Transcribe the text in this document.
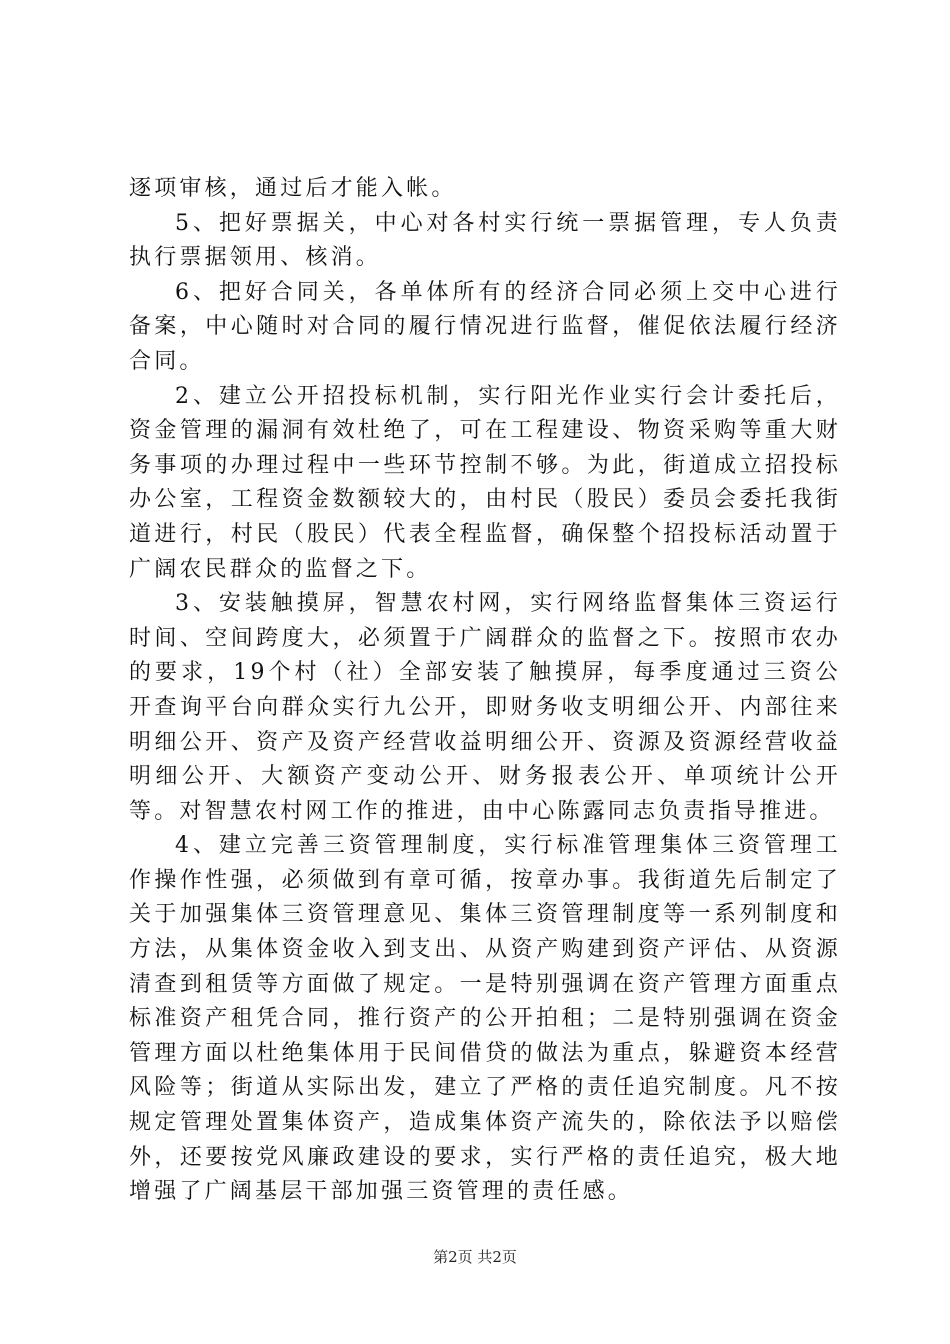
逐项审核，通过后才能入帐。

5、把好票据关，中心对各村实行统一票据管理，专人负责执行票据领用、核消。

6、把好合同关，各单体所有的经济合同必须上交中心进行备案，中心随时对合同的履行情况进行监督，催促依法履行经济合同。

2、建立公开招投标机制，实行阳光作业实行会计委托后，资金管理的漏洞有效杜绝了，可在工程建设、物资采购等重大财务事项的办理过程中一些环节控制不够。为此，街道成立招投标办公室，工程资金数额较大的，由村民（股民）委员会委托我街道进行，村民（股民）代表全程监督，确保整个招投标活动置于广阔农民群众的监督之下。

3、安装触摸屏，智慧农村网，实行网络监督集体三资运行时间、空间跨度大，必须置于广阔群众的监督之下。按照市农办的要求，19个村（社）全部安装了触摸屏，每季度通过三资公开查询平台向群众实行九公开，即财务收支明细公开、内部往来明细公开、资产及资产经营收益明细公开、资源及资源经营收益明细公开、大额资产变动公开、财务报表公开、单项统计公开等。对智慧农村网工作的推进，由中心陈露同志负责指导推进。

4、建立完善三资管理制度，实行标准管理集体三资管理工作操作性强，必须做到有章可循，按章办事。我街道先后制定了关于加强集体三资管理意见、集体三资管理制度等一系列制度和方法，从集体资金收入到支出、从资产购建到资产评估、从资源清查到租赁等方面做了规定。一是特别强调在资产管理方面重点标准资产租凭合同，推行资产的公开拍租；二是特别强调在资金管理方面以杜绝集体用于民间借贷的做法为重点，躲避资本经营风险等；街道从实际出发，建立了严格的责任追究制度。凡不按规定管理处置集体资产，造成集体资产流失的，除依法予以赔偿外，还要按党风廉政建设的要求，实行严格的责任追究，极大地增强了广阔基层干部加强三资管理的责任感。

第2页 共2页
